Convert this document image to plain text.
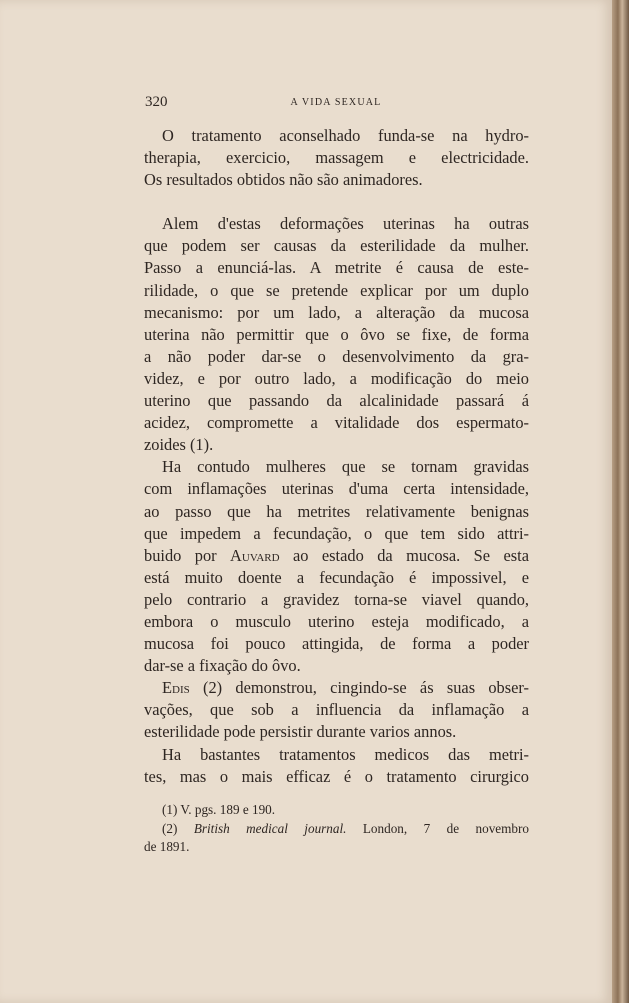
320	A VIDA SEXUAL
O tratamento aconselhado funda-se na hydro-
therapia, exercicio, massagem e electricidade.
Os resultados obtidos não são animadores.
Alem d'estas deformações uterinas ha outras
que podem ser causas da esterilidade da mulher.
Passo a enunciá-las. A metrite é causa de este-
rilidade, o que se pretende explicar por um duplo
mecanismo: por um lado, a alteração da mucosa
uterina não permittir que o ôvo se fixe, de forma
a não poder dar-se o desenvolvimento da gra-
videz, e por outro lado, a modificação do meio
uterino que passando da alcalinidade passará á
acidez, compromette a vitalidade dos espermato-
zoides (1).
Ha contudo mulheres que se tornam gravidas
com inflamações uterinas d'uma certa intensidade,
ao passo que ha metrites relativamente benignas
que impedem a fecundação, o que tem sido attri-
buido por Auvard ao estado da mucosa. Se esta
está muito doente a fecundação é impossivel, e
pelo contrario a gravidez torna-se viavel quando,
embora o musculo uterino esteja modificado, a
mucosa foi pouco attingida, de forma a poder
dar-se a fixação do ôvo.
Edis (2) demonstrou, cingindo-se ás suas obser-
vações, que sob a influencia da inflamação a
esterilidade pode persistir durante varios annos.
Ha bastantes tratamentos medicos das metri-
tes, mas o mais efficaz é o tratamento cirurgico
(1) V. pgs. 189 e 190.
(2) British medical journal. London, 7 de novembro
de 1891.
